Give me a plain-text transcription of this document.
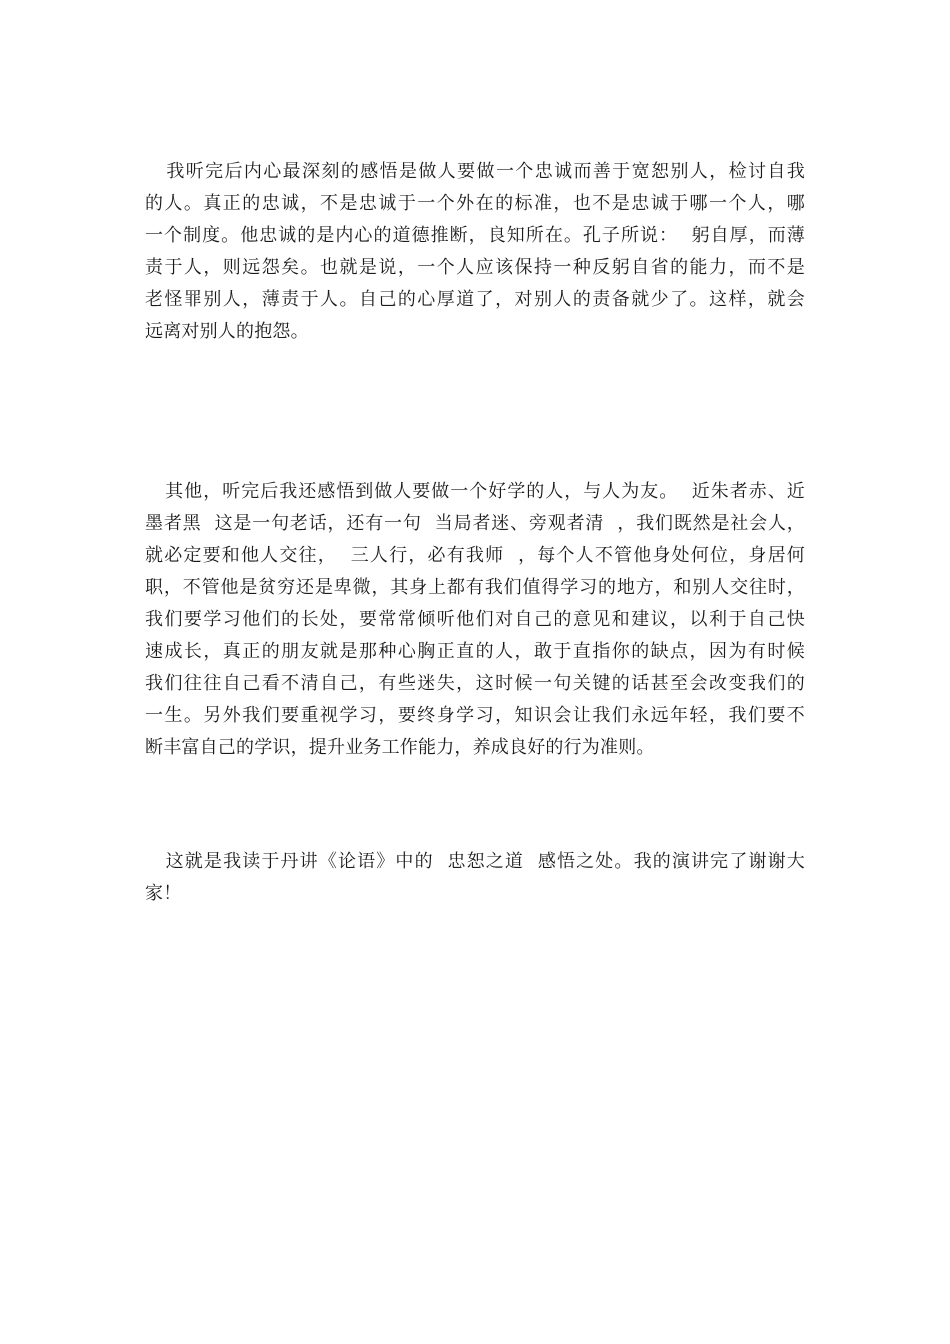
我听完后内心最深刻的感悟是做人要做一个忠诚而善于宽恕别人，检讨自我
的人。真正的忠诚，不是忠诚于一个外在的标准，也不是忠诚于哪一个人，哪
一个制度。他忠诚的是内心的道德推断，良知所在。孔子所说：  躬自厚，而薄
责于人，则远怨矣。也就是说，一个人应该保持一种反躬自省的能力，而不是
老怪罪别人，薄责于人。自己的心厚道了，对别人的责备就少了。这样，就会
远离对别人的抱怨。
其他，听完后我还感悟到做人要做一个好学的人，与人为友。  近朱者赤、近
墨者黑  这是一句老话，还有一句  当局者迷、旁观者清  ，我们既然是社会人，
就必定要和他人交往，  三人行，必有我师  ，每个人不管他身处何位，身居何
职，不管他是贫穷还是卑微，其身上都有我们值得学习的地方，和别人交往时，
我们要学习他们的长处，要常常倾听他们对自己的意见和建议，以利于自己快
速成长，真正的朋友就是那种心胸正直的人，敢于直指你的缺点，因为有时候
我们往往自己看不清自己，有些迷失，这时候一句关键的话甚至会改变我们的
一生。另外我们要重视学习，要终身学习，知识会让我们永远年轻，我们要不
断丰富自己的学识，提升业务工作能力，养成良好的行为准则。
这就是我读于丹讲《论语》中的  忠恕之道  感悟之处。我的演讲完了谢谢大
家！
